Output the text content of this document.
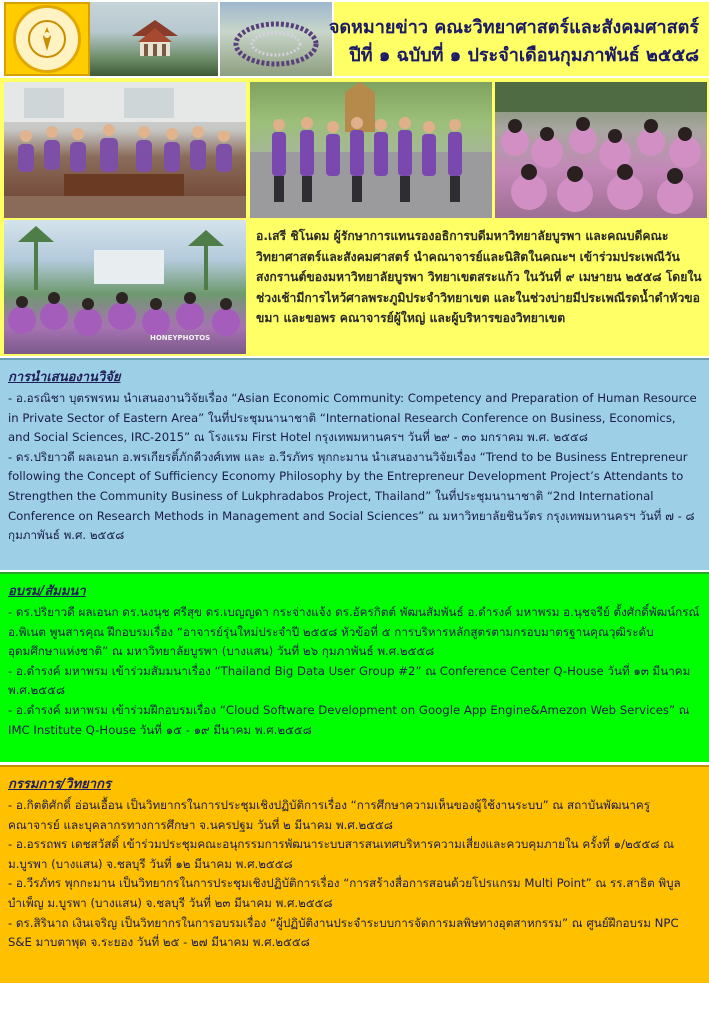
จดหมายข่าว คณะวิทยาศาสตร์และสังคมศาสตร์
ปีที่ ๑ ฉบับที่ ๑ ประจำเดือนกุมภาพันธ์ ๒๕๕๘
HONEYPHOTOS
อ.เสรี ชิโนดม ผู้รักษาการแทนรองอธิการบดีมหาวิทยาลัยบูรพา และคณบดีคณะวิทยาศาสตร์และสังคมศาสตร์ นำคณาจารย์และนิสิตในคณะฯ เข้าร่วมประเพณีวันสงกรานต์ของมหาวิทยาลัยบูรพา วิทยาเขตสระแก้ว ในวันที่ ๙ เมษายน ๒๕๕๘ โดยในช่วงเช้ามีการไหว้ศาลพระภูมิประจำวิทยาเขต และในช่วงบ่ายมีประเพณีรดน้ำดำหัวขอขมา และขอพร คณาจารย์ผู้ใหญ่ และผู้บริหารของวิทยาเขต

การนำเสนองานวิจัย

- อ.อรณิชา บุตรพรหม นำเสนองานวิจัยเรื่อง “Asian Economic Community: Competency and Preparation of Human Resource in Private Sector of Eastern Area” ในที่ประชุมนานาชาติ “International Research Conference on Business, Economics, and Social Sciences, IRC-2015” ณ โรงแรม First Hotel กรุงเทพมหานครฯ วันที่ ๒๙ - ๓๐ มกราคม พ.ศ. ๒๕๕๘

- ดร.ปริยาวดี ผลเอนก อ.พรเกียรติ์ภักดีวงศ์เทพ และ อ.วีรภัทร พุกกะมาน นำเสนองานวิจัยเรื่อง “Trend to be Business Entrepreneur following the Concept of Sufficiency Economy Philosophy by the Entrepreneur Development Project’s Attendants to Strengthen the Community Business of Lukphradabos Project, Thailand” ในที่ประชุมนานาชาติ “2nd International Conference on Research Methods in Management and Social Sciences” ณ มหาวิทยาลัยชินวัตร กรุงเทพมหานครฯ วันที่ ๗ - ๘ กุมภาพันธ์ พ.ศ. ๒๕๕๘

อบรม/สัมมนา

- ดร.ปริยาวดี ผลเอนก ดร.นงนุช ศรีสุข ดร.เบญญดา กระจ่างแจ้ง ดร.อัครกิตต์ พัฒนสัมพันธ์ อ.ดำรงค์ มหาพรม อ.นุชจรีย์ ตั้งศักดิ์พัฒน์กรณ์ อ.พิเนต พูนสารคุณ ฝึกอบรมเรื่อง “อาจารย์รุ่นใหม่ประจำปี ๒๕๕๘ หัวข้อที่ ๕ การบริหารหลักสูตรตามกรอบมาตรฐานคุณวุฒิระดับอุดมศึกษาแห่งชาติ” ณ มหาวิทยาลัยบูรพา (บางแสน) วันที่ ๒๖ กุมภาพันธ์ พ.ศ.๒๕๕๘

- อ.ดำรงค์ มหาพรม เข้าร่วมสัมมนาเรื่อง “Thailand Big Data User Group #2” ณ Conference Center Q-House วันที่ ๑๓ มีนาคม พ.ศ.๒๕๕๘

- อ.ดำรงค์ มหาพรม เข้าร่วมฝึกอบรมเรื่อง “Cloud Software Development on Google App Engine&Amezon Web Services” ณ IMC Institute Q-House วันที่ ๑๕ - ๑๙ มีนาคม พ.ศ.๒๕๕๘

กรรมการ/วิทยากร

- อ.กิตติศักดิ์ อ่อนเอื้อน เป็นวิทยากรในการประชุมเชิงปฏิบัติการเรื่อง “การศึกษาความเห็นของผู้ใช้งานระบบ” ณ สถาบันพัฒนาครู คณาจารย์ และบุคลากรทางการศึกษา จ.นครปฐม วันที่ ๒ มีนาคม พ.ศ.๒๕๕๘

- อ.อรรถพร เดชสวัสดิ์ เข้าร่วมประชุมคณะอนุกรรมการพัฒนาระบบสารสนเทศบริหารความเสี่ยงและควบคุมภายใน ครั้งที่ ๑/๒๕๕๘ ณ ม.บูรพา (บางแสน) จ.ชลบุรี วันที่ ๑๒ มีนาคม พ.ศ.๒๕๕๘

- อ.วีรภัทร พุกกะมาน เป็นวิทยากรในการประชุมเชิงปฏิบัติการเรื่อง “การสร้างสื่อการสอนด้วยโปรแกรม Multi Point” ณ รร.สาธิต พิบูลบำเพ็ญ ม.บูรพา (บางแสน) จ.ชลบุรี วันที่ ๒๓ มีนาคม พ.ศ.๒๕๕๘

- ดร.สิรินาถ เงินเจริญ เป็นวิทยากรในการอบรมเรื่อง “ผู้ปฏิบัติงานประจำระบบการจัดการมลพิษทางอุตสาหกรรม” ณ ศูนย์ฝึกอบรม NPC S&E มาบตาพุด จ.ระยอง วันที่ ๒๕ - ๒๗ มีนาคม พ.ศ.๒๕๕๘
